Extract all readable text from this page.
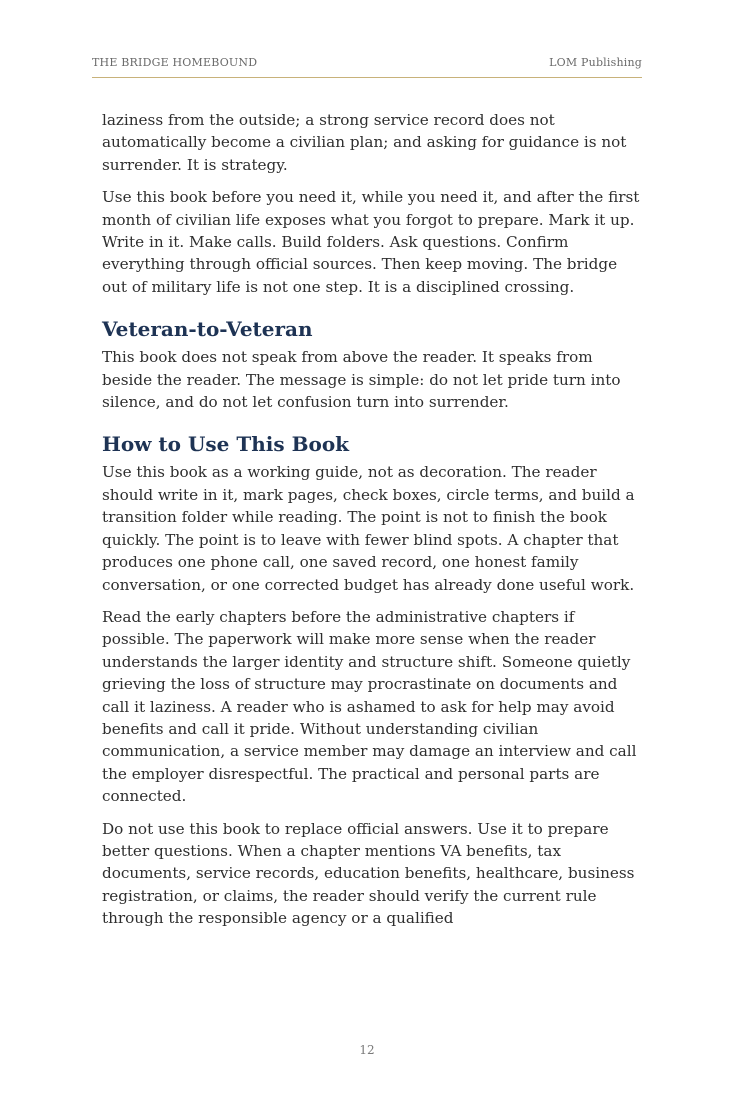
THE BRIDGE HOMEBOUND	LOM Publishing

laziness from the outside; a strong service record does not automatically become a civilian plan; and asking for guidance is not surrender. It is strategy.

Use this book before you need it, while you need it, and after the first month of civilian life exposes what you forgot to prepare. Mark it up. Write in it. Make calls. Build folders. Ask questions. Confirm everything through official sources. Then keep moving. The bridge out of military life is not one step. It is a disciplined crossing.

Veteran-to-Veteran

This book does not speak from above the reader. It speaks from beside the reader. The message is simple: do not let pride turn into silence, and do not let confusion turn into surrender.

How to Use This Book

Use this book as a working guide, not as decoration. The reader should write in it, mark pages, check boxes, circle terms, and build a transition folder while reading. The point is not to finish the book quickly. The point is to leave with fewer blind spots. A chapter that produces one phone call, one saved record, one honest family conversation, or one corrected budget has already done useful work.

Read the early chapters before the administrative chapters if possible. The paperwork will make more sense when the reader understands the larger identity and structure shift. Someone quietly grieving the loss of structure may procrastinate on documents and call it laziness. A reader who is ashamed to ask for help may avoid benefits and call it pride. Without understanding civilian communication, a service member may damage an interview and call the employer disrespectful. The practical and personal parts are connected.

Do not use this book to replace official answers. Use it to prepare better questions. When a chapter mentions VA benefits, tax documents, service records, education benefits, healthcare, business registration, or claims, the reader should verify the current rule through the responsible agency or a qualified

12
